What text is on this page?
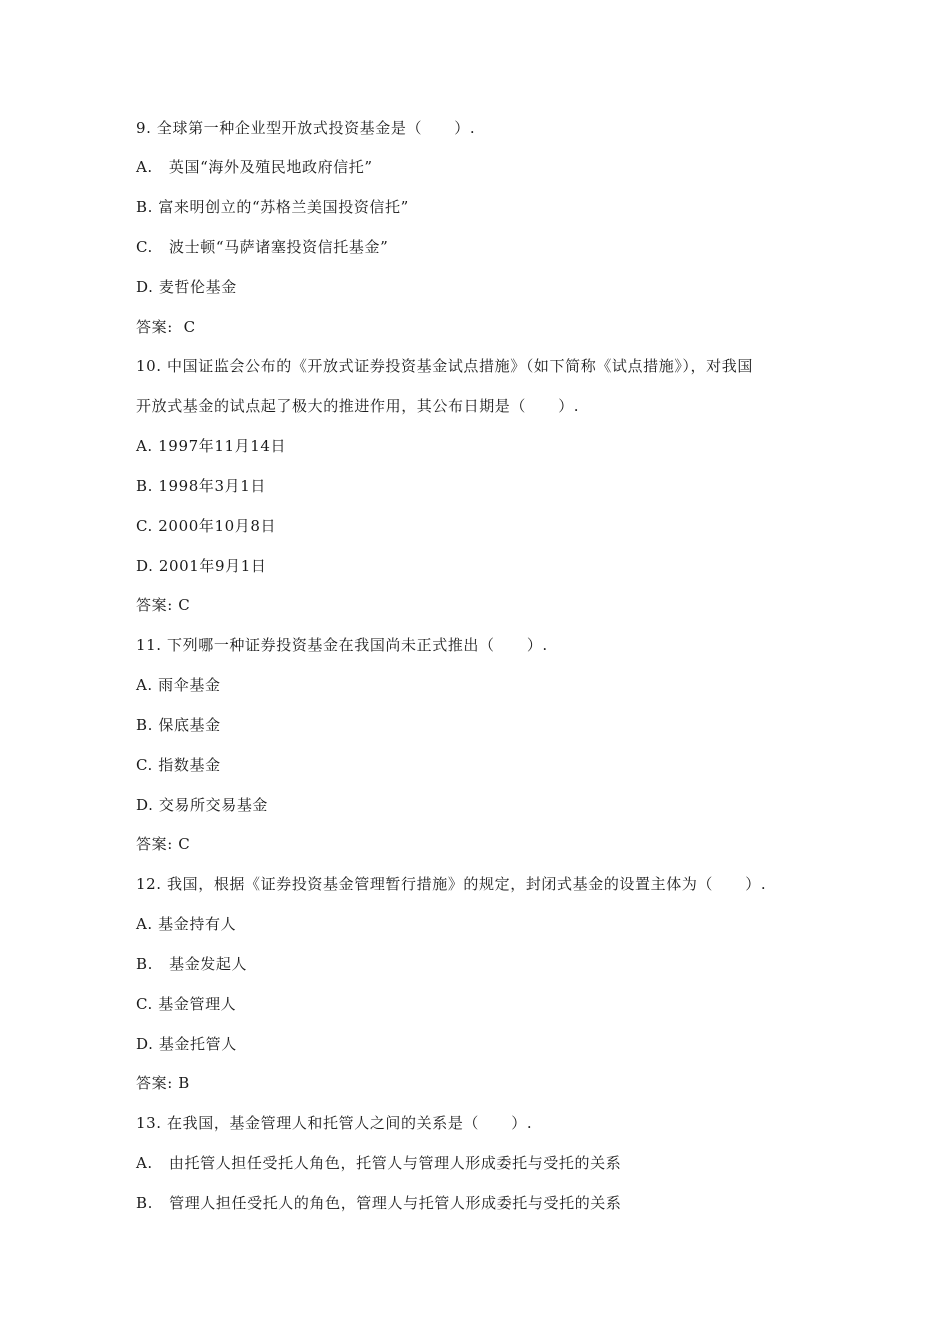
9. 全球第一种企业型开放式投资基金是（      ）.
A.   英国“海外及殖民地政府信托”
B. 富来明创立的“苏格兰美国投资信托”
C.   波士顿“马萨诸塞投资信托基金”
D. 麦哲伦基金
答案:  C
10. 中国证监会公布的《开放式证券投资基金试点措施》（如下简称《试点措施》），对我国
开放式基金的试点起了极大的推进作用，其公布日期是（      ）.
A. 1997年11月14日
B. 1998年3月1日
C. 2000年10月8日
D. 2001年9月1日
答案: C
11. 下列哪一种证券投资基金在我国尚未正式推出（      ）.
A. 雨伞基金
B. 保底基金
C. 指数基金
D. 交易所交易基金
答案: C
12. 我国，根据《证券投资基金管理暂行措施》的规定，封闭式基金的设置主体为（      ）.
A. 基金持有人
B.   基金发起人
C. 基金管理人
D. 基金托管人
答案: B
13. 在我国，基金管理人和托管人之间的关系是（      ）.
A.   由托管人担任受托人角色，托管人与管理人形成委托与受托的关系
B.   管理人担任受托人的角色，管理人与托管人形成委托与受托的关系
